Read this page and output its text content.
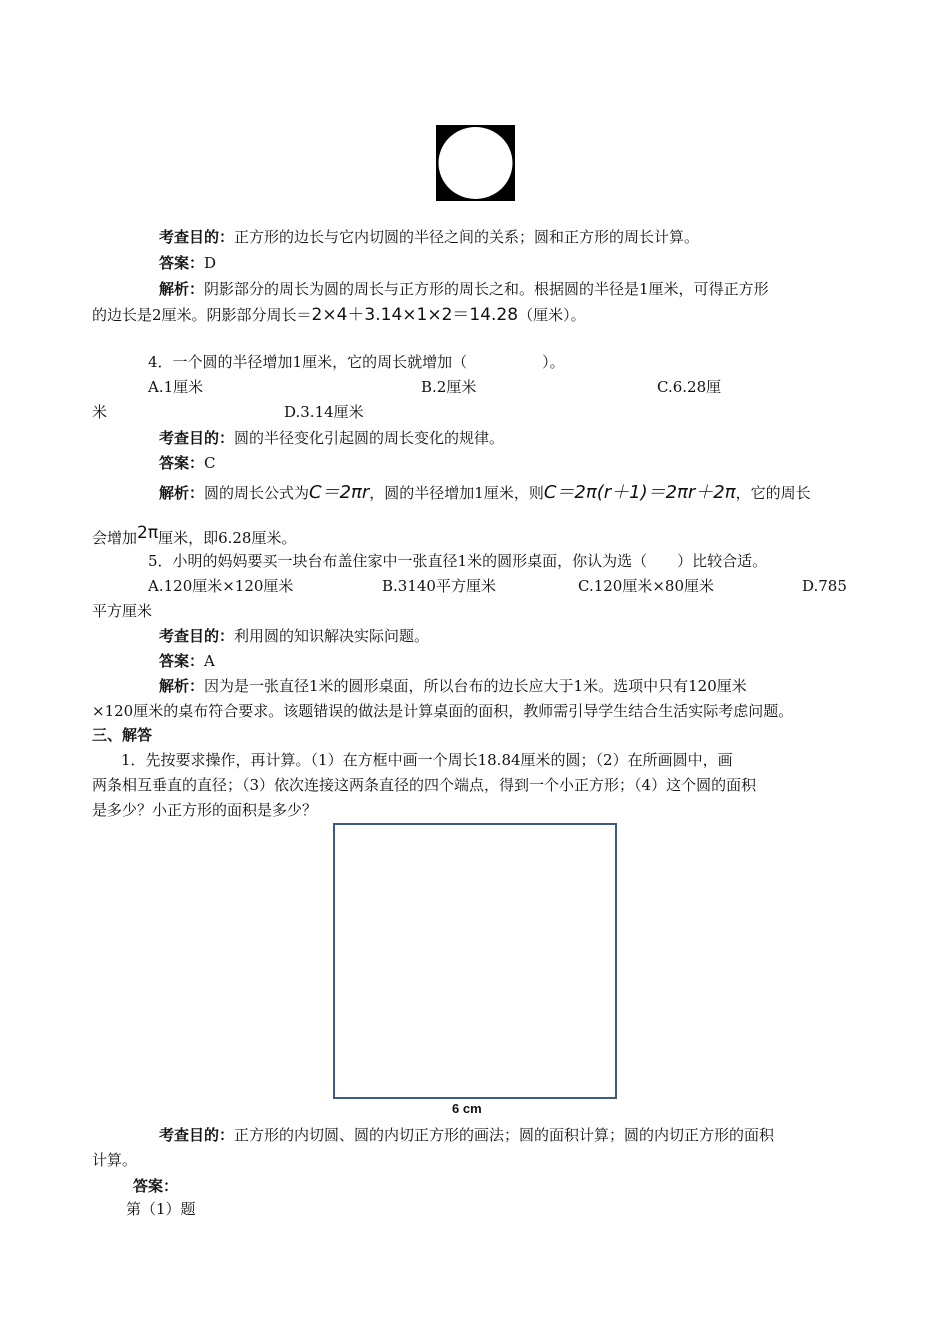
考查目的：正方形的边长与它内切圆的半径之间的关系；圆和正方形的周长计算。
答案：D
解析：阴影部分的周长为圆的周长与正方形的周长之和。根据圆的半径是1厘米，可得正方形
的边长是2厘米。阴影部分周长＝2×4＋3.14×1×2＝14.28（厘米）。
4．一个圆的半径增加1厘米，它的周长就增加（　　　　　）。
A.1厘米	B.2厘米	C.6.28厘
米	D.3.14厘米
考查目的：圆的半径变化引起圆的周长变化的规律。
答案：C
解析：圆的周长公式为C＝2πr，圆的半径增加1厘米，则C＝2π(r＋1)＝2πr＋2π，它的周长
会增加2π厘米，即6.28厘米。
5．小明的妈妈要买一块台布盖住家中一张直径1米的圆形桌面，你认为选（　　）比较合适。
A.120厘米×120厘米	B.3140平方厘米	C.120厘米×80厘米	D.785
平方厘米
考查目的：利用圆的知识解决实际问题。
答案：A
解析：因为是一张直径1米的圆形桌面，所以台布的边长应大于1米。选项中只有120厘米
×120厘米的桌布符合要求。该题错误的做法是计算桌面的面积，教师需引导学生结合生活实际考虑问题。
三、解答
1．先按要求操作，再计算。（1）在方框中画一个周长18.84厘米的圆；（2）在所画圆中，画
两条相互垂直的直径；（3）依次连接这两条直径的四个端点，得到一个小正方形；（4）这个圆的面积
是多少？小正方形的面积是多少？
6 cm
考查目的：正方形的内切圆、圆的内切正方形的画法；圆的面积计算；圆的内切正方形的面积
计算。
答案：
第（1）题
